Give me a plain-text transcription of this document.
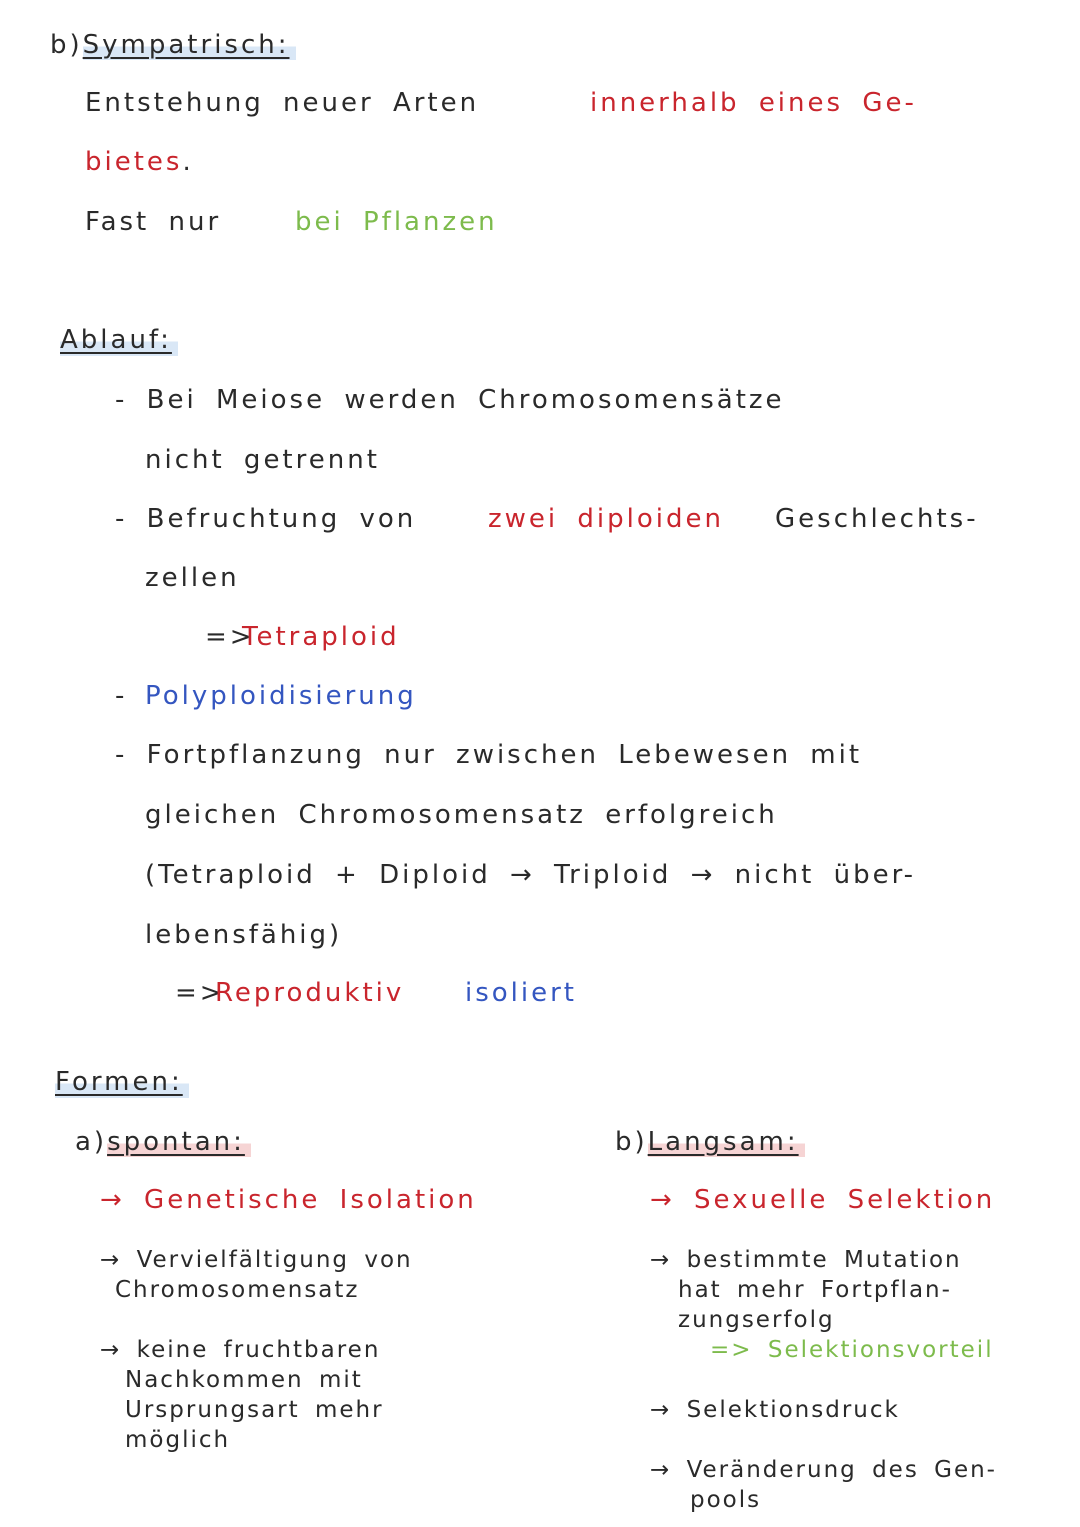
b)Sympatrisch:
Entstehung neuer Arten	innerhalb eines Ge-
bietes.
Fast nur	bei Pflanzen
Ablauf:
- Bei Meiose werden Chromosomensätze
nicht getrennt
- Befruchtung von	zwei diploiden Geschlechts-
zellen
=>
Tetraploid
- Polyploidisierung
- Fortpflanzung nur zwischen Lebewesen mit
gleichen Chromosomensatz erfolgreich
(Tetraploid + Diploid → Triploid → nicht über-
lebensfähig)
=>
Reproduktiv isoliert
Formen:
a)spontan:	b)Langsam:
→ Genetische Isolation	→ Sexuelle Selektion
→ Vervielfältigung von
Chromosomensatz
→ keine fruchtbaren
Nachkommen mit
Ursprungsart mehr
möglich
→ bestimmte Mutation
hat mehr Fortpflan-
zungserfolg
=> Selektionsvorteil
→ Selektionsdruck
→ Veränderung des Gen-
pools
